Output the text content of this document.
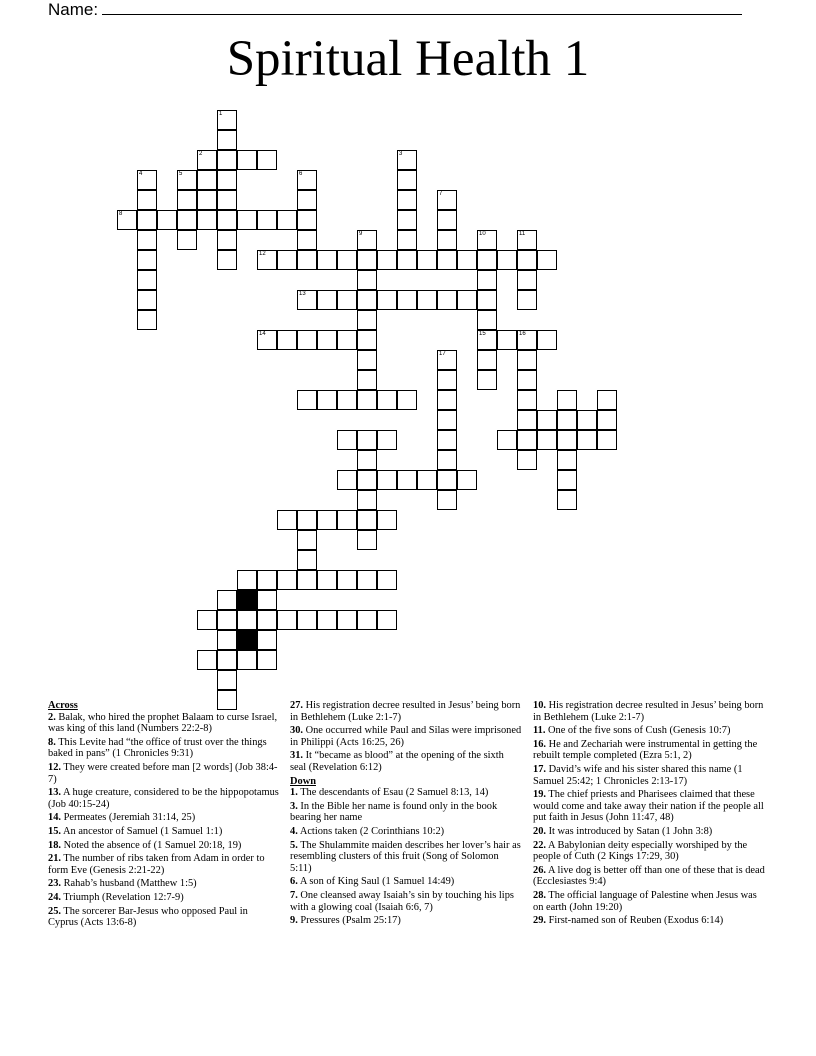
Name:
Spiritual Health 1
1
2	3
4	5	6
7
8
9	10	11
12
13
14	15	16
17
Across
2. Balak, who hired the prophet Balaam to curse Israel, was king of this land (Numbers 22:2-8)
8. This Levite had “the office of trust over the things baked in pans” (1 Chronicles 9:31)
12. They were created before man [2 words] (Job 38:4-7)
13. A huge creature, considered to be the hippopotamus (Job 40:15-24)
14. Permeates (Jeremiah 31:14, 25)
15. An ancestor of Samuel (1 Samuel 1:1)
18. Noted the absence of (1 Samuel 20:18, 19)
21. The number of ribs taken from Adam in order to form Eve (Genesis 2:21-22)
23. Rahab’s husband (Matthew 1:5)
24. Triumph (Revelation 12:7-9)
25. The sorcerer Bar-Jesus who opposed Paul in Cyprus (Acts 13:6-8)
27. His registration decree resulted in Jesus’ being born in Bethlehem (Luke 2:1-7)
30. One occurred while Paul and Silas were imprisoned in Philippi (Acts 16:25, 26)
31. It “became as blood” at the opening of the sixth seal (Revelation 6:12)
Down
1. The descendants of Esau (2 Samuel 8:13, 14)
3. In the Bible her name is found only in the book bearing her name
4. Actions taken (2 Corinthians 10:2)
5. The Shulammite maiden describes her lover’s hair as resembling clusters of this fruit (Song of Solomon 5:11)
6. A son of King Saul (1 Samuel 14:49)
7. One cleansed away Isaiah’s sin by touching his lips with a glowing coal (Isaiah 6:6, 7)
9. Pressures (Psalm 25:17)
10. His registration decree resulted in Jesus’ being born in Bethlehem (Luke 2:1-7)
11. One of the five sons of Cush (Genesis 10:7)
16. He and Zechariah were instrumental in getting the rebuilt temple completed (Ezra 5:1, 2)
17. David’s wife and his sister shared this name (1 Samuel 25:42; 1 Chronicles 2:13-17)
19. The chief priests and Pharisees claimed that these would come and take away their nation if the people all put faith in Jesus (John 11:47, 48)
20. It was introduced by Satan (1 John 3:8)
22. A Babylonian deity especially worshiped by the people of Cuth (2 Kings 17:29, 30)
26. A live dog is better off than one of these that is dead (Ecclesiastes 9:4)
28. The official language of Palestine when Jesus was on earth (John 19:20)
29. First-named son of Reuben (Exodus 6:14)
